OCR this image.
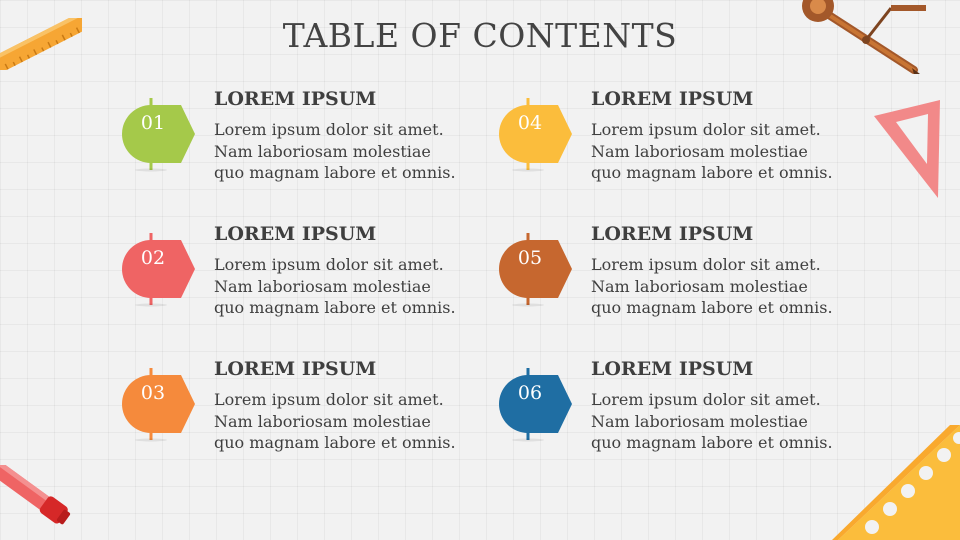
TABLE OF CONTENTS
01
LOREM IPSUM
Lorem ipsum dolor sit amet.
Nam laboriosam molestiae
quo magnam labore et omnis.
02
LOREM IPSUM
Lorem ipsum dolor sit amet.
Nam laboriosam molestiae
quo magnam labore et omnis.
03
LOREM IPSUM
Lorem ipsum dolor sit amet.
Nam laboriosam molestiae
quo magnam labore et omnis.
04
LOREM IPSUM
Lorem ipsum dolor sit amet.
Nam laboriosam molestiae
quo magnam labore et omnis.
05
LOREM IPSUM
Lorem ipsum dolor sit amet.
Nam laboriosam molestiae
quo magnam labore et omnis.
06
LOREM IPSUM
Lorem ipsum dolor sit amet.
Nam laboriosam molestiae
quo magnam labore et omnis.
